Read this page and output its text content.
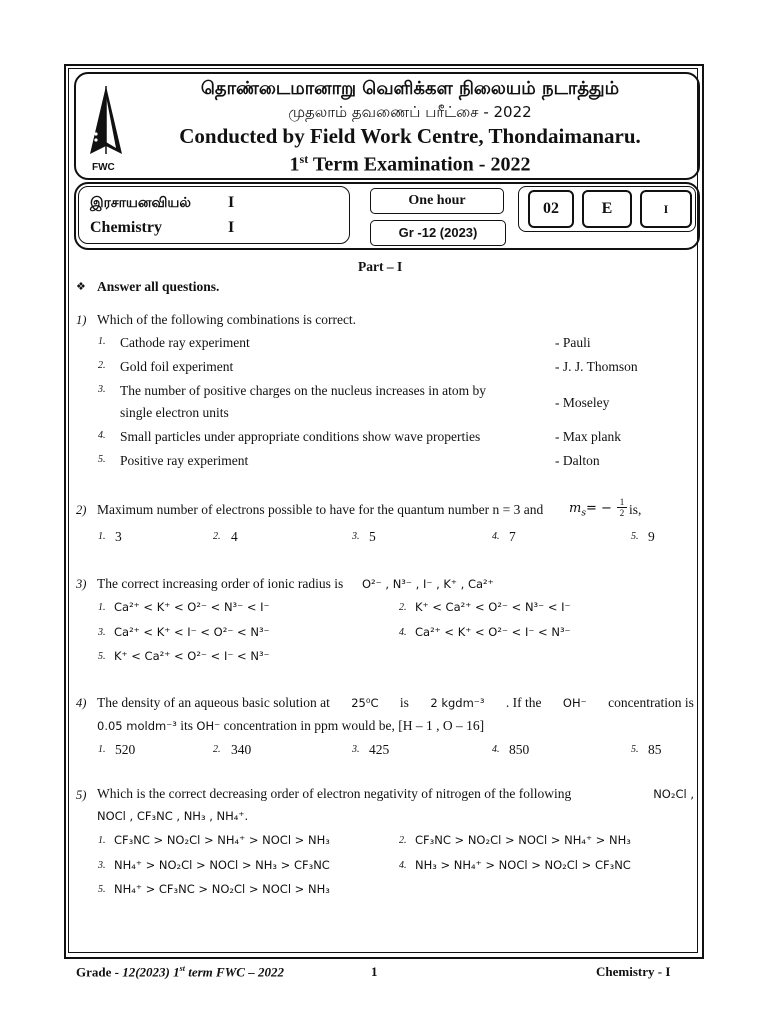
FWC
தொண்டைமானாறு வெளிக்கள நிலையம் நடாத்தும்
முதலாம் தவணைப் பரீட்சை - 2022
Conducted by Field Work Centre, Thondaimanaru.
1st Term Examination - 2022
இரசாயனவியல் I
Chemistry	I
One hour
Gr -12 (2023)
02	E	I
Part – I
❖ Answer all questions.
1) Which of the following combinations is correct.
1. Cathode ray experiment	- Pauli
2. Gold foil experiment	- J. J. Thomson
3. The number of positive charges on the nucleus increases in atom by
single electron units
- Moseley
4. Small particles under appropriate conditions show wave properties	- Max plank
5. Positive ray experiment	- Dalton
2) Maximum number of electrons possible to have for the quantum number n = 3 and $m_s= - 1$
2 is,
1. 3	2. 4	3. 5	4. 7	5. 9
3) The correct increasing order of ionic radius is O²⁻ , N³⁻ , I⁻ , K⁺ , Ca²⁺
1. Ca²⁺ < K⁺ < O²⁻ < N³⁻ < I⁻	2. K⁺ < Ca²⁺ < O²⁻ < N³⁻ < I⁻
3. Ca²⁺ < K⁺ < I⁻ < O²⁻ < N³⁻	4. Ca²⁺ < K⁺ < O²⁻ < I⁻ < N³⁻
5. K⁺ < Ca²⁺ < O²⁻ < I⁻ < N³⁻
4) The density of an aqueous basic solution at 25⁰C is 2 kgdm⁻³ . If the OH⁻ concentration is
0.05 moldm⁻³ its OH⁻ concentration in ppm would be, [H – 1 , O – 16]
1. 520	2. 340	3. 425	4. 850	5. 85
5) Which is the correct decreasing order of electron negativity of nitrogen of the following	NO₂Cl ,
NOCl , CF₃NC , NH₃ , NH₄⁺.
1. CF₃NC > NO₂Cl > NH₄⁺ > NOCl > NH₃	2. CF₃NC > NO₂Cl > NOCl > NH₄⁺ > NH₃
3. NH₄⁺ > NO₂Cl > NOCl > NH₃ > CF₃NC	4. NH₃ > NH₄⁺ > NOCl > NO₂Cl > CF₃NC
5. NH₄⁺ > CF₃NC > NO₂Cl > NOCl > NH₃
Grade - 12(2023) 1st term FWC – 2022	1	Chemistry - I
